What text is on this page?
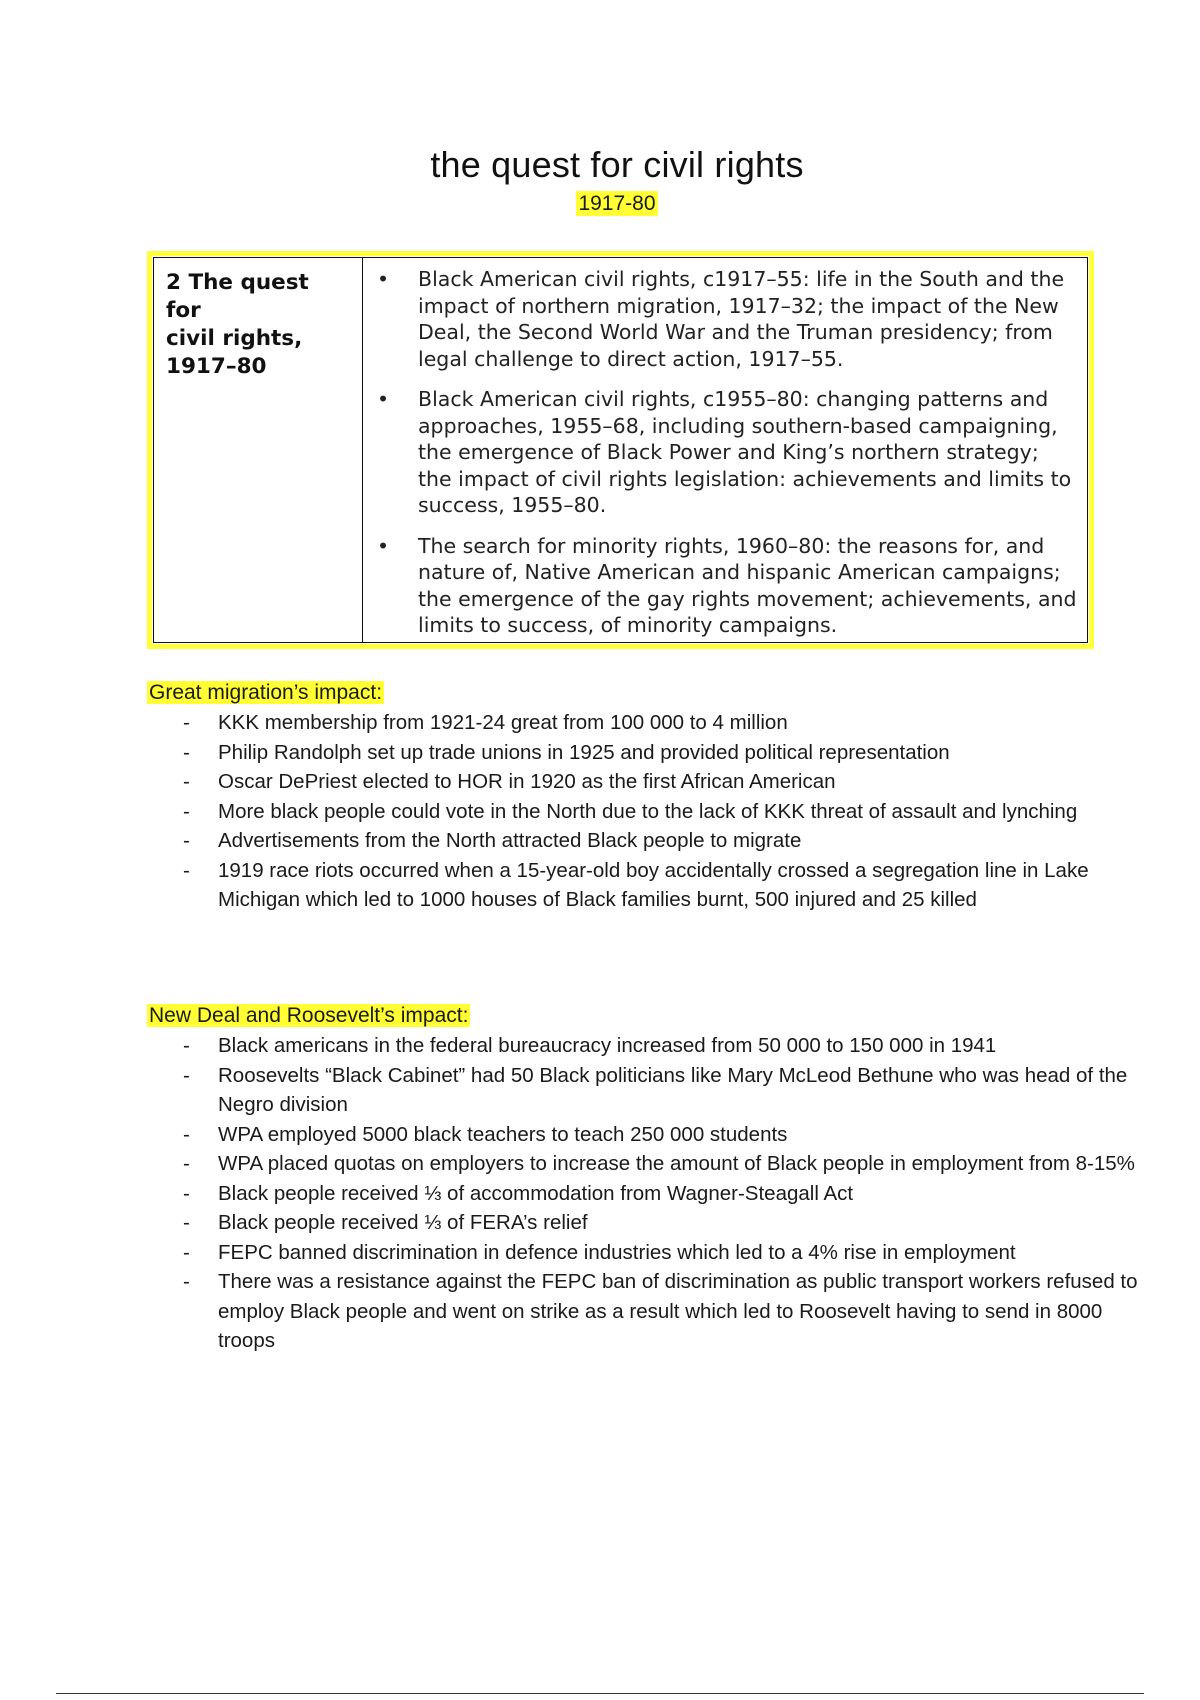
the quest for civil rights
1917-80
2 The quest for
civil rights,
1917–80
• Black American civil rights, c1917–55: life in the South and the impact of northern migration, 1917–32; the impact of the New Deal, the Second World War and the Truman presidency; from legal challenge to direct action, 1917–55.
• Black American civil rights, c1955–80: changing patterns and approaches, 1955–68, including southern-based campaigning, the emergence of Black Power and King’s northern strategy; the impact of civil rights legislation: achievements and limits to success, 1955–80.
• The search for minority rights, 1960–80: the reasons for, and nature of, Native American and hispanic American campaigns; the emergence of the gay rights movement; achievements, and limits to success, of minority campaigns.
Great migration’s impact:
- KKK membership from 1921-24 great from 100 000 to 4 million
- Philip Randolph set up trade unions in 1925 and provided political representation
- Oscar DePriest elected to HOR in 1920 as the first African American
- More black people could vote in the North due to the lack of KKK threat of assault and lynching
- Advertisements from the North attracted Black people to migrate
- 1919 race riots occurred when a 15-year-old boy accidentally crossed a segregation line in Lake Michigan which led to 1000 houses of Black families burnt, 500 injured and 25 killed
New Deal and Roosevelt’s impact:
- Black americans in the federal bureaucracy increased from 50 000 to 150 000 in 1941
- Roosevelts “Black Cabinet” had 50 Black politicians like Mary McLeod Bethune who was head of the Negro division
- WPA employed 5000 black teachers to teach 250 000 students
- WPA placed quotas on employers to increase the amount of Black people in employment from 8-15%
- Black people received ⅓ of accommodation from Wagner-Steagall Act
- Black people received ⅓ of FERA’s relief
- FEPC banned discrimination in defence industries which led to a 4% rise in employment
- There was a resistance against the FEPC ban of discrimination as public transport workers refused to employ Black people and went on strike as a result which led to Roosevelt having to send in 8000 troops
